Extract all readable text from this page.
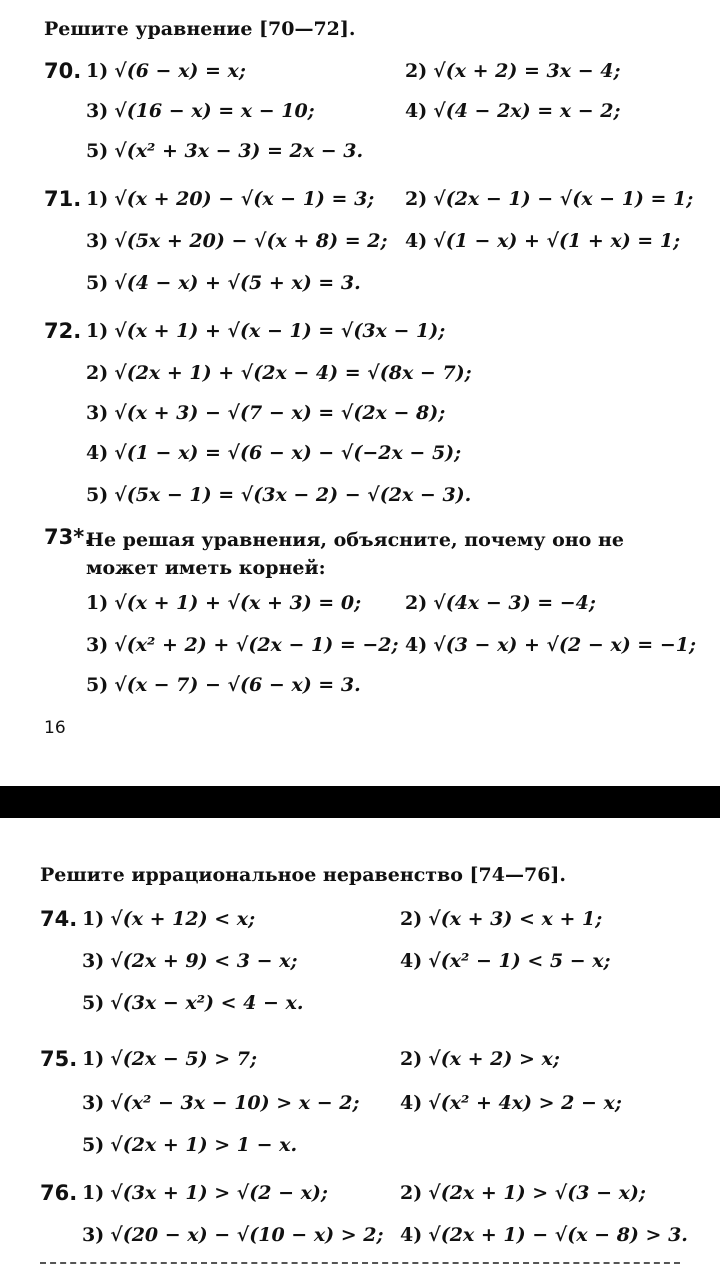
Решите уравнение [70—72].
70. 1) √(6 − x) = x;	2) √(x + 2) = 3x − 4;
3) √(16 − x) = x − 10;	4) √(4 − 2x) = x − 2;
5) √(x² + 3x − 3) = 2x − 3.
71. 1) √(x + 20) − √(x − 1) = 3; 2) √(2x − 1) − √(x − 1) = 1;
3) √(5x + 20) − √(x + 8) = 2; 4) √(1 − x) + √(1 + x) = 1;
5) √(4 − x) + √(5 + x) = 3.
72. 1) √(x + 1) + √(x − 1) = √(3x − 1);
2) √(2x + 1) + √(2x − 4) = √(8x − 7);
3) √(x + 3) − √(7 − x) = √(2x − 8);
4) √(1 − x) = √(6 − x) − √(−2x − 5);
5) √(5x − 1) = √(3x − 2) − √(2x − 3).
73*.
Не решая уравнения, объясните, почему оно не может иметь корней:
1) √(x + 1) + √(x + 3) = 0; 2) √(4x − 3) = −4;
3) √(x² + 2) + √(2x − 1) = −2; 4) √(3 − x) + √(2 − x) = −1;
5) √(x − 7) − √(6 − x) = 3.
16
Решите иррациональное неравенство [74—76].
74. 1) √(x + 12) < x;	2) √(x + 3) < x + 1;
3) √(2x + 9) < 3 − x;	4) √(x² − 1) < 5 − x;
5) √(3x − x²) < 4 − x.
75. 1) √(2x − 5) > 7;	2) √(x + 2) > x;
3) √(x² − 3x − 10) > x − 2; 4) √(x² + 4x) > 2 − x;
5) √(2x + 1) > 1 − x.
76. 1) √(3x + 1) > √(2 − x);	2) √(2x + 1) > √(3 − x);
3) √(20 − x) − √(10 − x) > 2; 4) √(2x + 1) − √(x − 8) > 3.
